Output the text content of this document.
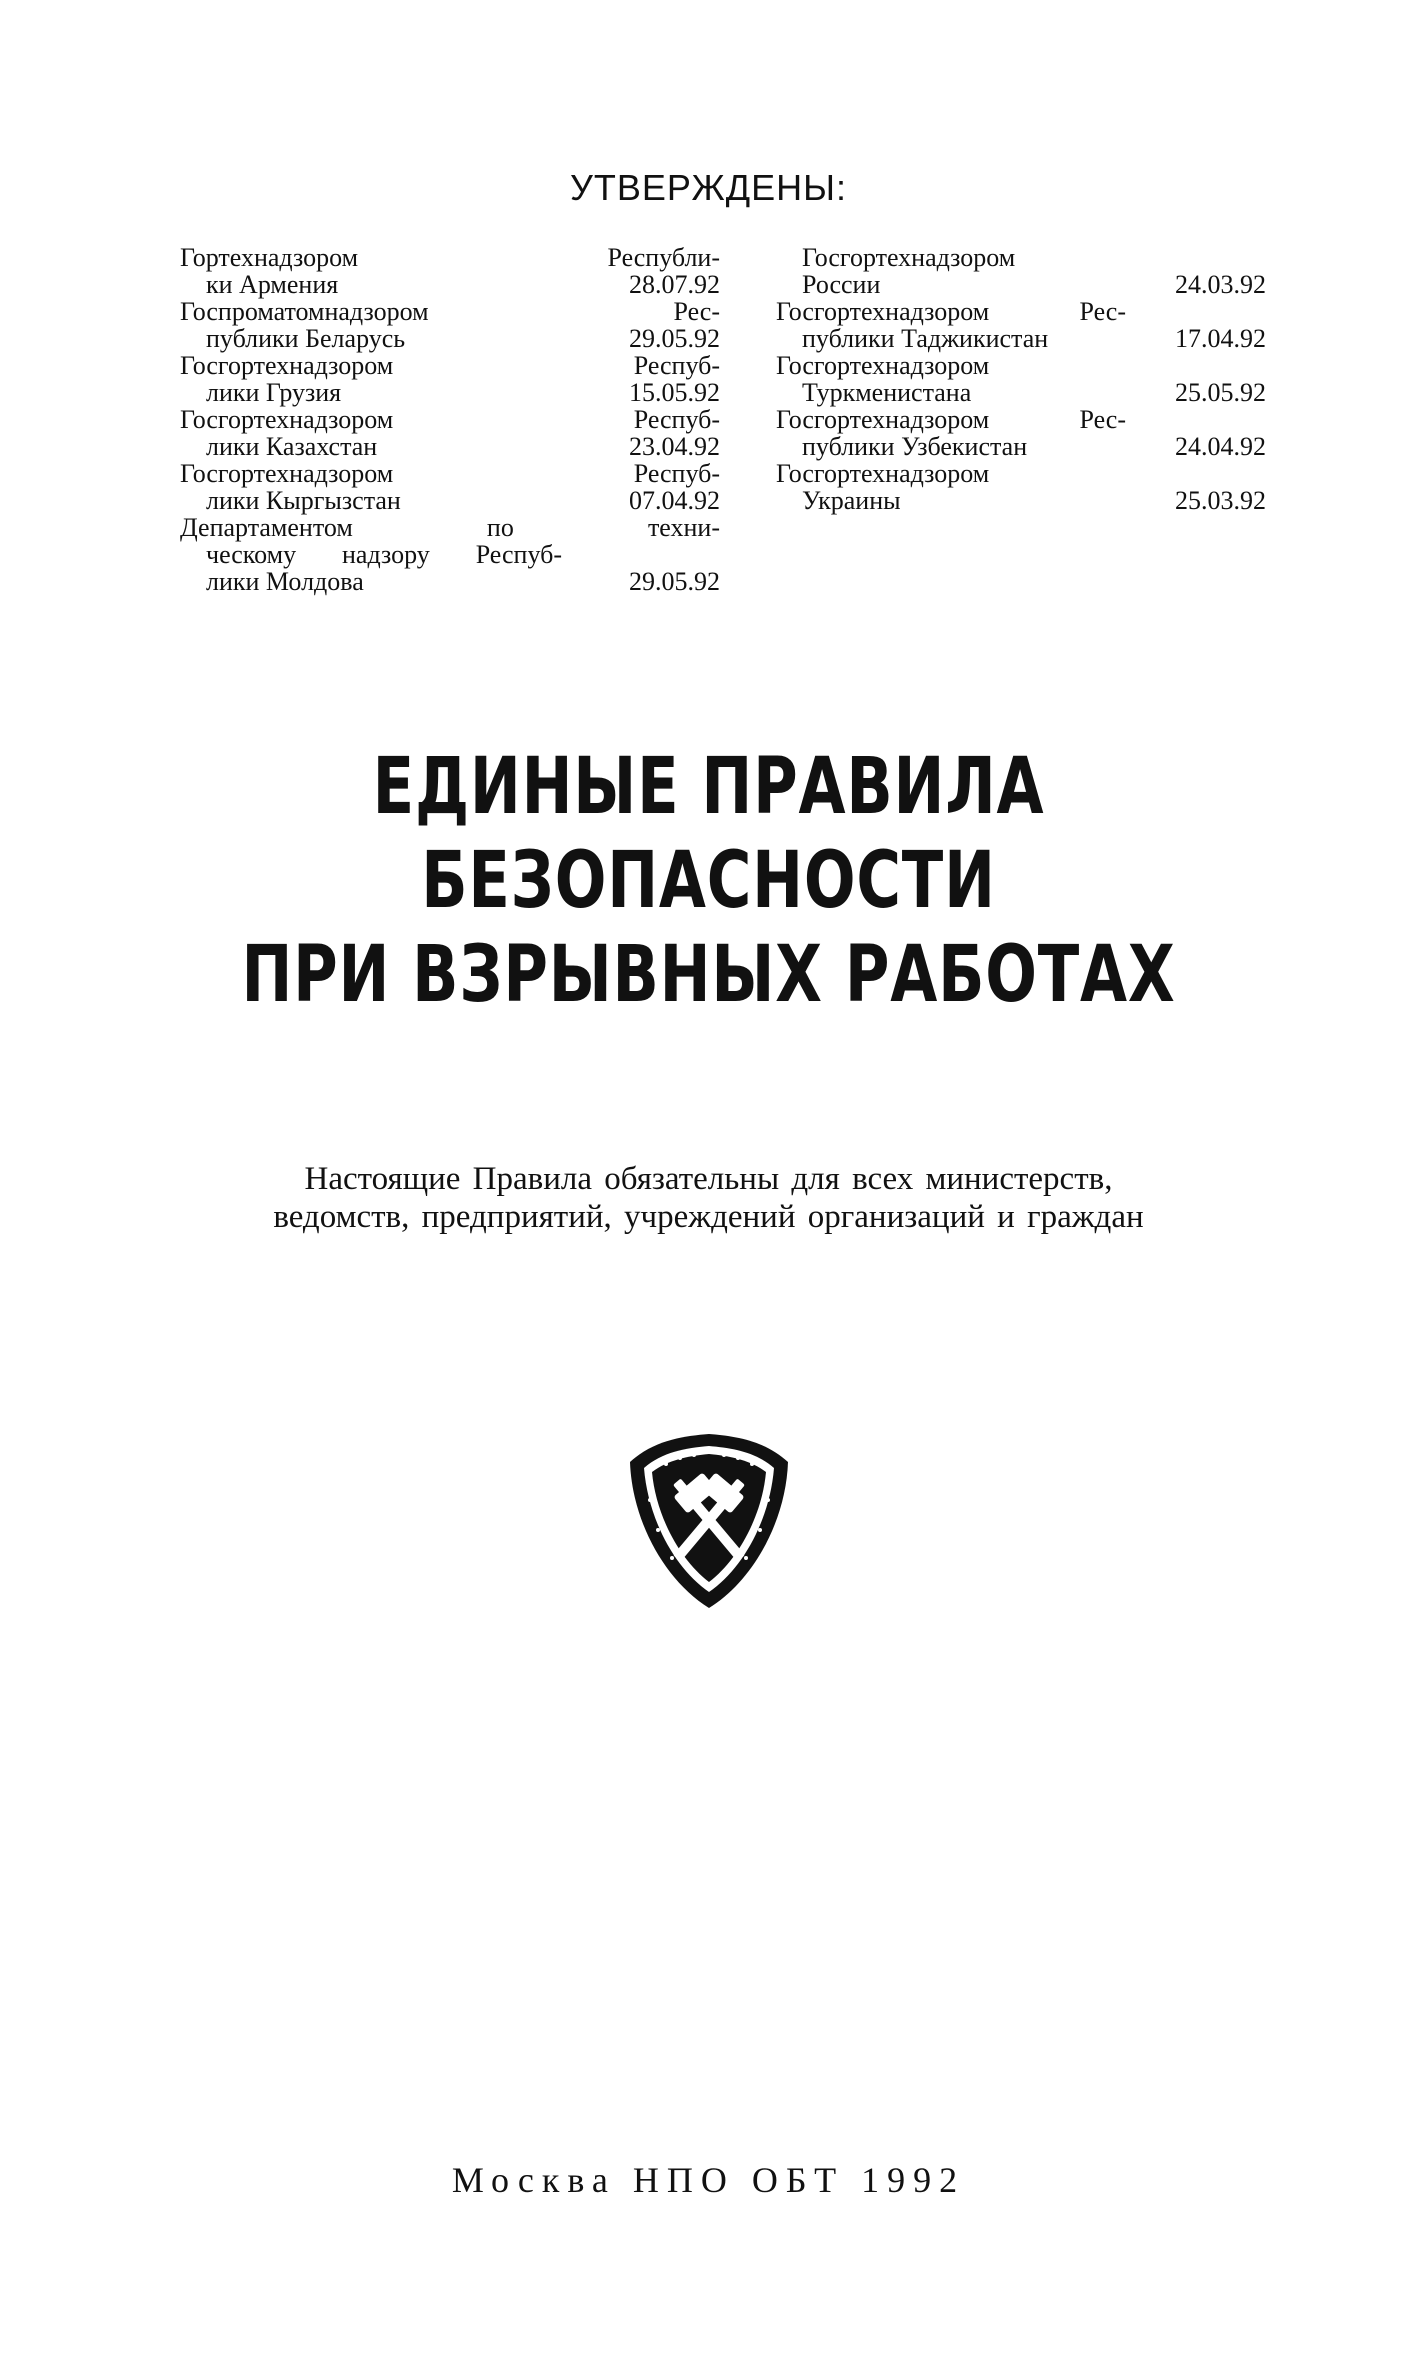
УТВЕРЖДЕНЫ:
Гортехнадзором Республи-
ки Армения	28.07.92
Госпроматомнадзором Рес-
публики Беларусь	29.05.92
Госгортехнадзором Респуб-
лики Грузия	15.05.92
Госгортехнадзором Респуб-
лики Казахстан	23.04.92
Госгортехнадзором Респуб-
лики Кыргызстан	07.04.92
Департаментом по техни-
ческому надзору Респуб-
лики Молдова	29.05.92
Госгортехнадзором
России	24.03.92
Госгортехнадзором Рес-
публики Таджикистан	17.04.92
Госгортехнадзором
Туркменистана	25.05.92
Госгортехнадзором Рес-
публики Узбекистан	24.04.92
Госгортехнадзором
Украины	25.03.92
ЕДИНЫЕ ПРАВИЛА
БЕЗОПАСНОСТИ
ПРИ ВЗРЫВНЫХ РАБОТАХ
Настоящие Правила обязательны для всех министерств,
ведомств, предприятий, учреждений организаций и граждан
Москва НПО ОБТ 1992
